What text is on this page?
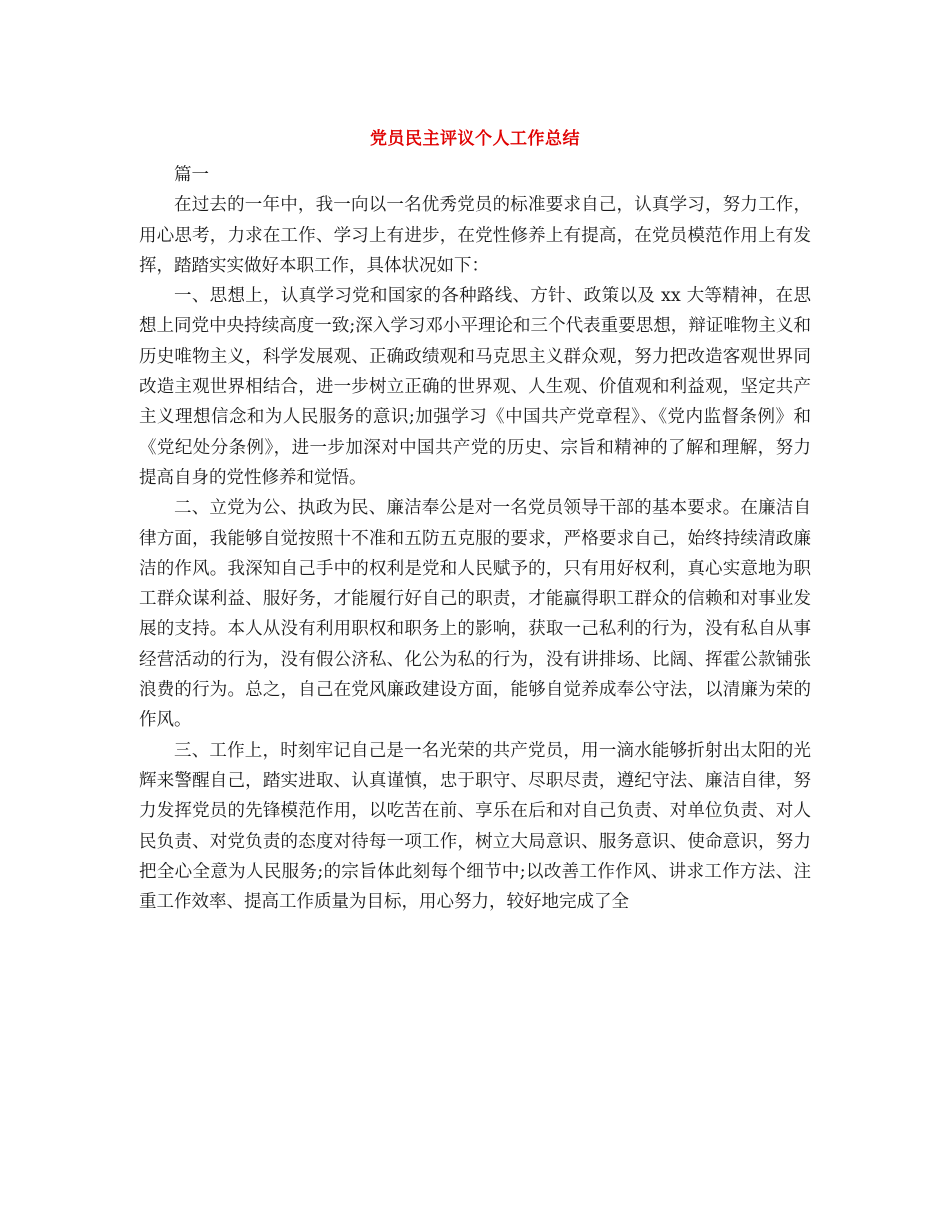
党员民主评议个人工作总结

篇一

在过去的一年中，我一向以一名优秀党员的标准要求自己，认真学习，努力工作，用心思考，力求在工作、学习上有进步，在党性修养上有提高，在党员模范作用上有发挥，踏踏实实做好本职工作，具体状况如下：

一、思想上，认真学习党和国家的各种路线、方针、政策以及 xx 大等精神，在思想上同党中央持续高度一致;深入学习邓小平理论和三个代表重要思想，辩证唯物主义和历史唯物主义，科学发展观、正确政绩观和马克思主义群众观，努力把改造客观世界同改造主观世界相结合，进一步树立正确的世界观、人生观、价值观和利益观，坚定共产主义理想信念和为人民服务的意识;加强学习《中国共产党章程》、《党内监督条例》和《党纪处分条例》，进一步加深对中国共产党的历史、宗旨和精神的了解和理解，努力提高自身的党性修养和觉悟。

二、立党为公、执政为民、廉洁奉公是对一名党员领导干部的基本要求。在廉洁自律方面，我能够自觉按照十不准和五防五克服的要求，严格要求自己，始终持续清政廉洁的作风。我深知自己手中的权利是党和人民赋予的，只有用好权利，真心实意地为职工群众谋利益、服好务，才能履行好自己的职责，才能赢得职工群众的信赖和对事业发展的支持。本人从没有利用职权和职务上的影响，获取一己私利的行为，没有私自从事经营活动的行为，没有假公济私、化公为私的行为，没有讲排场、比阔、挥霍公款铺张浪费的行为。总之，自己在党风廉政建设方面，能够自觉养成奉公守法，以清廉为荣的作风。

三、工作上，时刻牢记自己是一名光荣的共产党员，用一滴水能够折射出太阳的光辉来警醒自己，踏实进取、认真谨慎，忠于职守、尽职尽责，遵纪守法、廉洁自律，努力发挥党员的先锋模范作用，以吃苦在前、享乐在后和对自己负责、对单位负责、对人民负责、对党负责的态度对待每一项工作，树立大局意识、服务意识、使命意识，努力把全心全意为人民服务;的宗旨体此刻每个细节中;以改善工作作风、讲求工作方法、注重工作效率、提高工作质量为目标，用心努力，较好地完成了全
